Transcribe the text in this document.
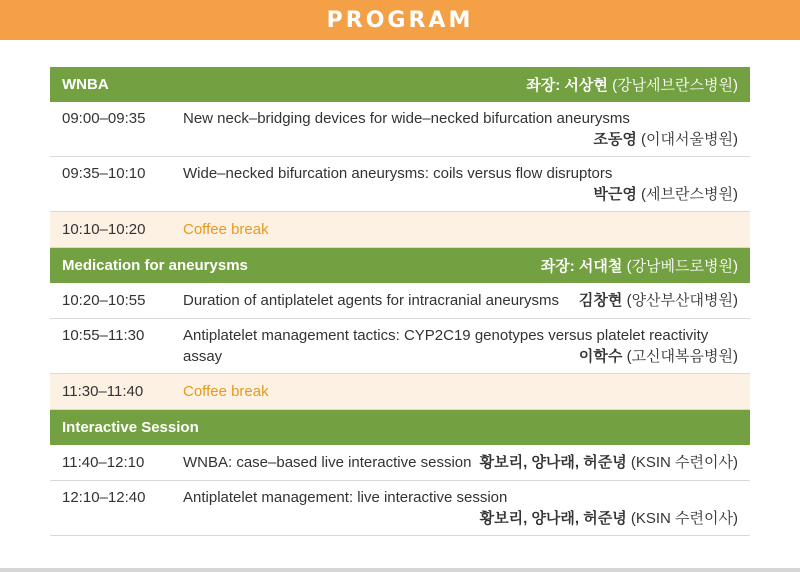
PROGRAM
WNBA	좌장: 서상현 (강남세브란스병원)
09:00–09:35	New neck–bridging devices for wide–necked bifurcation aneurysms
조동영 (이대서울병원)
09:35–10:10	Wide–necked bifurcation aneurysms: coils versus flow disruptors
박근영 (세브란스병원)
10:10–10:20	Coffee break
Medication for aneurysms	좌장: 서대철 (강남베드로병원)
10:20–10:55	Duration of antiplatelet agents for intracranial aneurysms 김창현 (양산부산대병원)
10:55–11:30	Antiplatelet management tactics: CYP2C19 genotypes versus platelet reactivity assay	이학수 (고신대복음병원)
11:30–11:40	Coffee break
Interactive Session
11:40–12:10	WNBA: case–based live interactive session 황보리, 양나래, 허준녕 (KSIN 수련이사)
12:10–12:40	Antiplatelet management: live interactive session
황보리, 양나래, 허준녕 (KSIN 수련이사)
